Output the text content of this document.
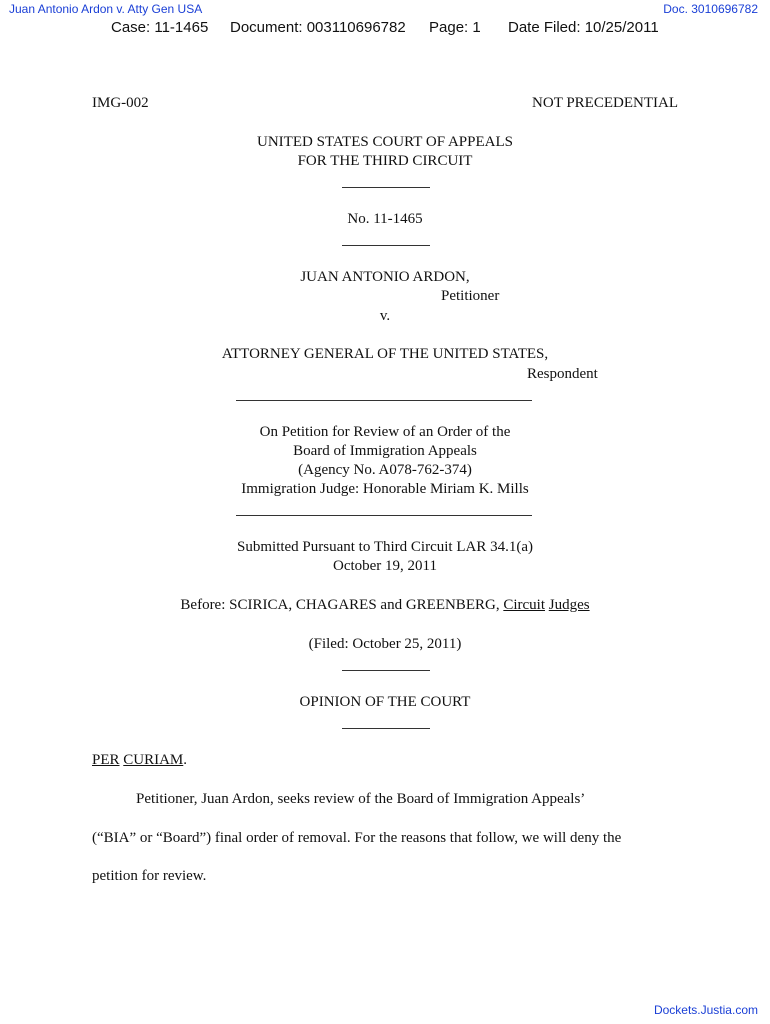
Juan Antonio Ardon v. Atty Gen USA	Doc. 3010696782
Case: 11-1465 Document: 003110696782 Page: 1 Date Filed: 10/25/2011
IMG-002	NOT PRECEDENTIAL
UNITED STATES COURT OF APPEALS
FOR THE THIRD CIRCUIT
No. 11-1465
JUAN ANTONIO ARDON,
Petitioner
v.
ATTORNEY GENERAL OF THE UNITED STATES,
Respondent
On Petition for Review of an Order of the
Board of Immigration Appeals
(Agency No. A078-762-374)
Immigration Judge: Honorable Miriam K. Mills
Submitted Pursuant to Third Circuit LAR 34.1(a)
October 19, 2011
Before: SCIRICA, CHAGARES and GREENBERG, Circuit Judges
(Filed: October 25, 2011)
OPINION OF THE COURT
PER CURIAM.
Petitioner, Juan Ardon, seeks review of the Board of Immigration Appeals’
(“BIA” or “Board”) final order of removal. For the reasons that follow, we will deny the
petition for review.
Dockets.Justia.com
